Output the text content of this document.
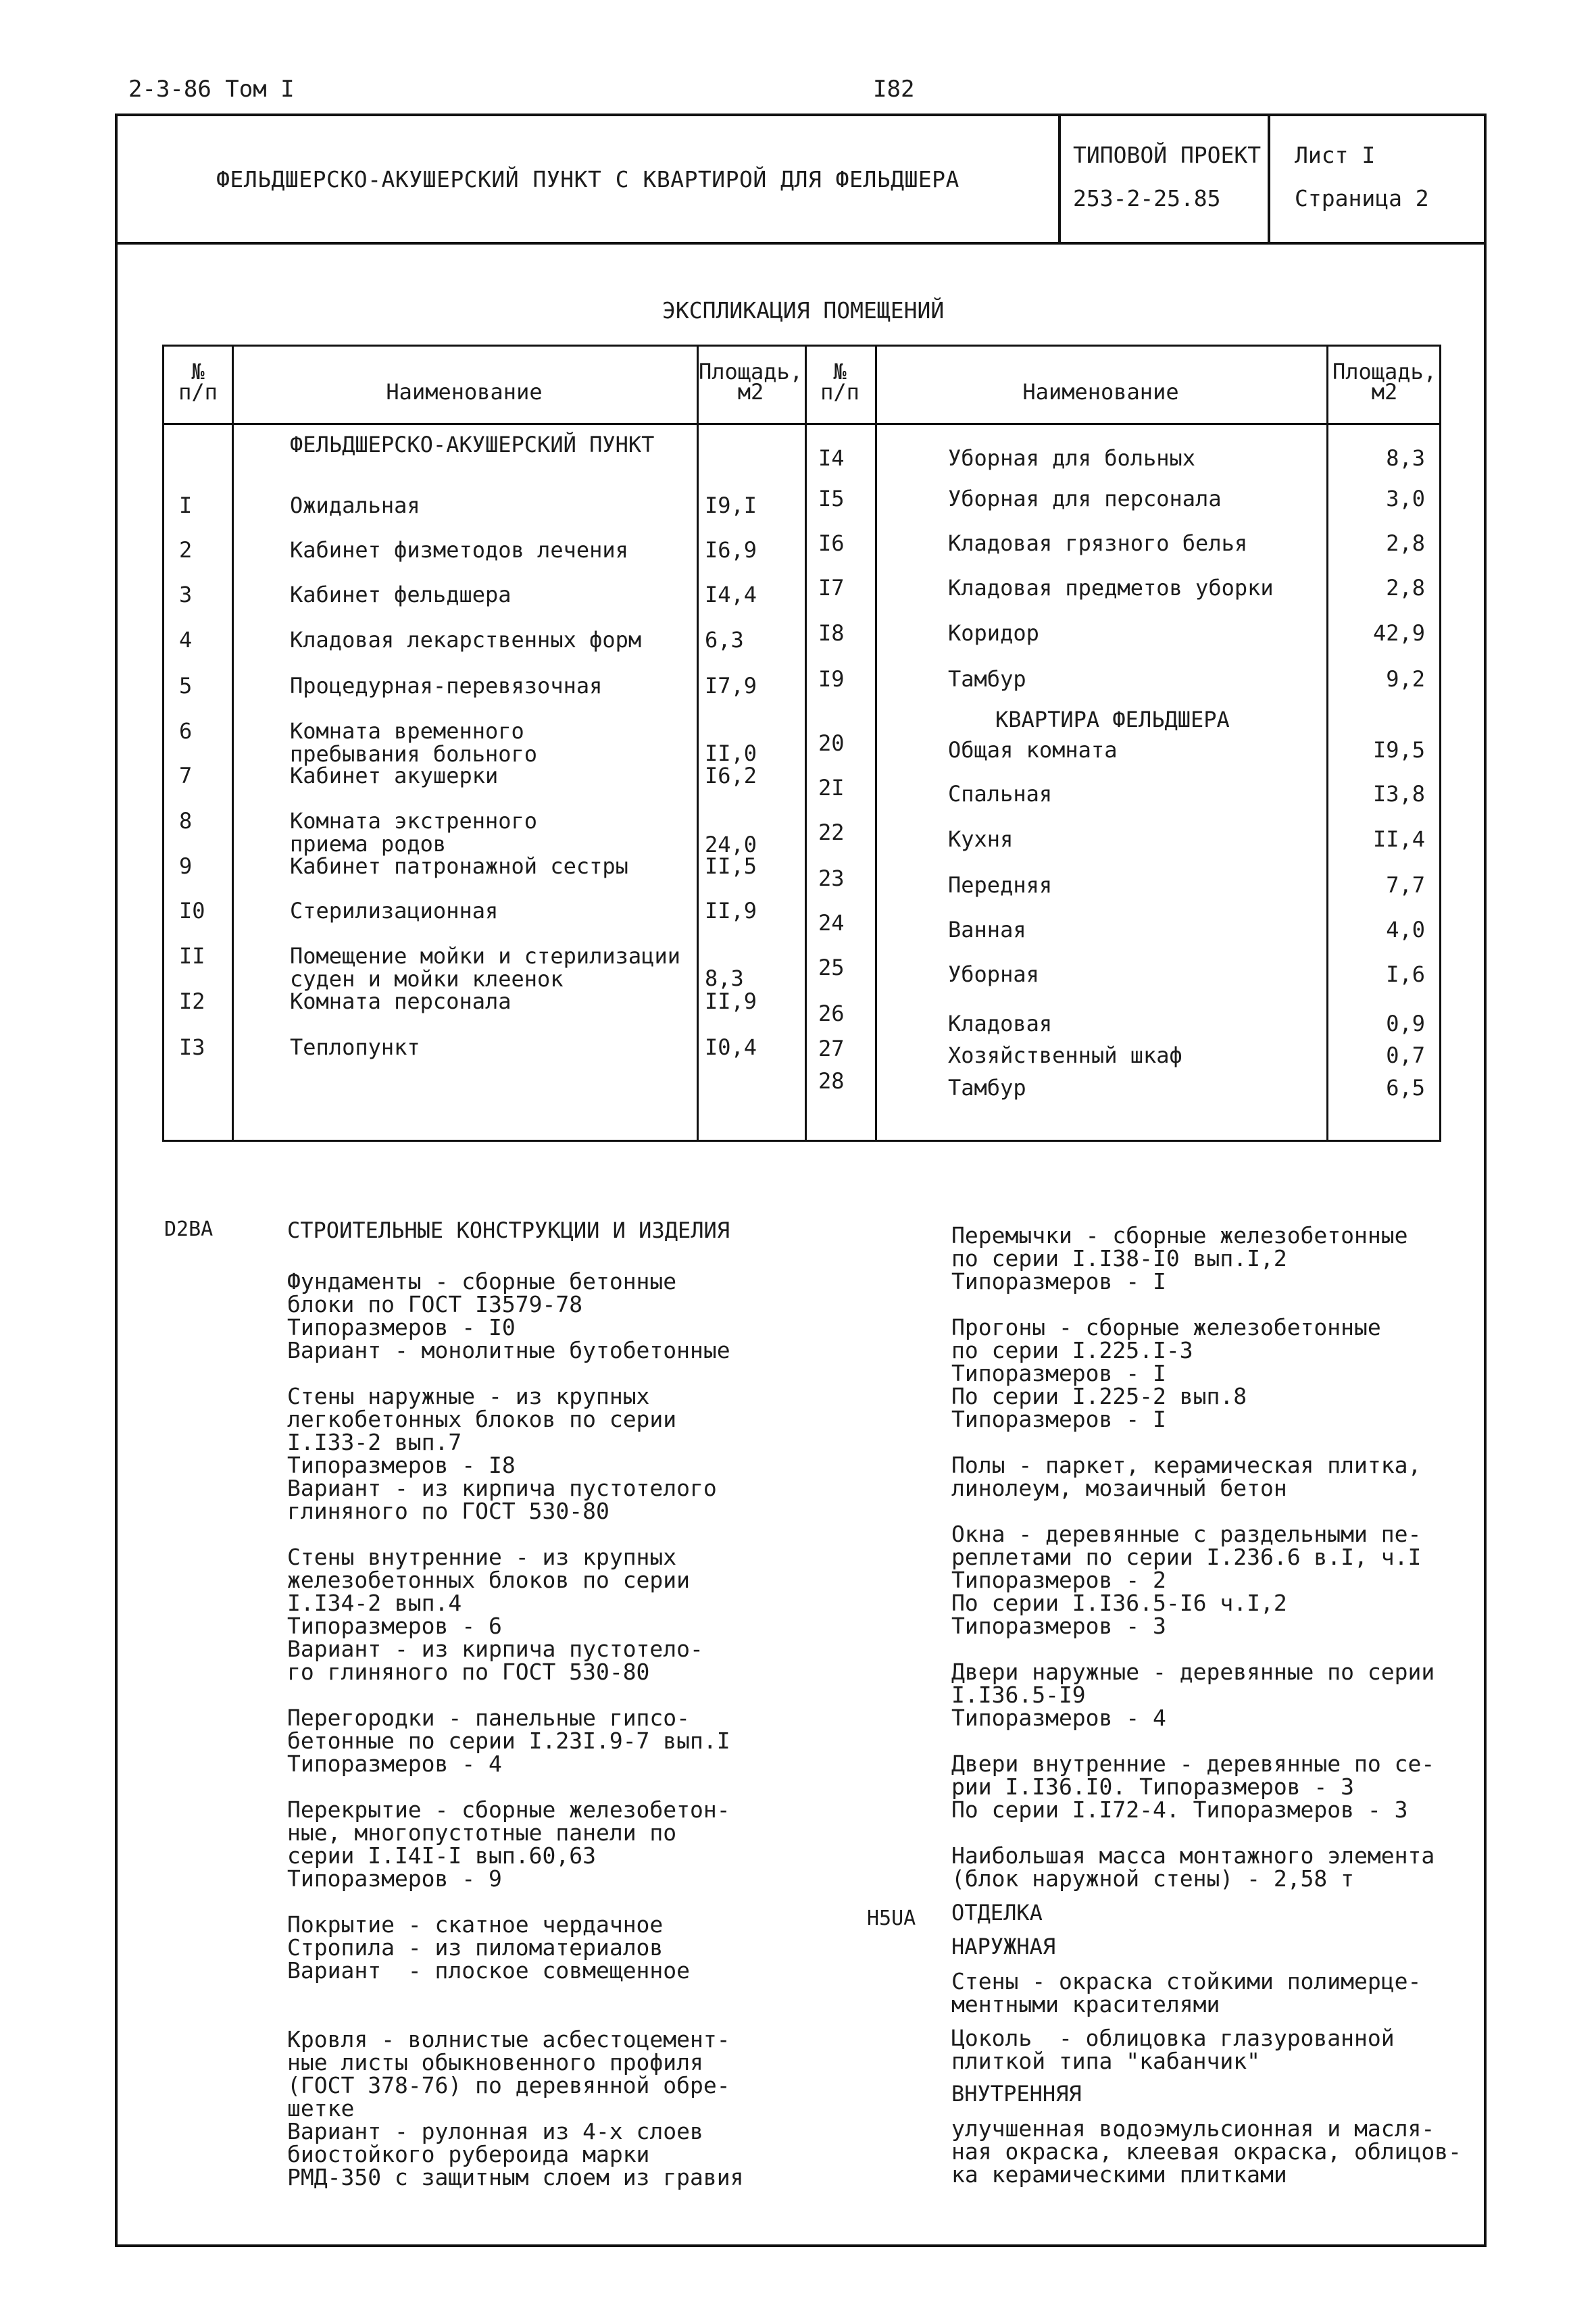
2-3-86 Том I	I82
ФЕЛЬДШЕРСКО-АКУШЕРСКИЙ ПУНКТ С КВАРТИРОЙ ДЛЯ ФЕЛЬДШЕРА
ТИПОВОЙ ПРОЕКТ
253-2-25.85
Лист I
Страница 2
ЭКСПЛИКАЦИЯ ПОМЕЩЕНИЙ
№
п/п	Наименование
Площадь,
м2
№
п/п	Наименование
Площадь,
м2
ФЕЛЬДШЕРСКО-АКУШЕРСКИЙ ПУНКТ
КВАРТИРА ФЕЛЬДШЕРА
I	Ожидальная	I9,I
2	Кабинет физметодов лечения	I6,9
3	Кабинет фельдшера	I4,4
4	Кладовая лекарственных форм	6,3
5	Процедурная-перевязочная	I7,9
6	Комната временного
пребывания больного	II,0
7	Кабинет акушерки	I6,2
8	Комната экстренного
приема родов	24,0
9	Кабинет патронажной сестры	II,5
I0	Стерилизационная	II,9
II	Помещение мойки и стерилизации
суден и мойки клеенок	8,3
I2	Комната персонала	II,9
I3	Теплопункт	I0,4
I4	Уборная для больных	8,3
I5	Уборная для персонала	3,0
I6	Кладовая грязного белья	2,8
I7	Кладовая предметов уборки	2,8
I8	Коридор	42,9
I9	Тамбур	9,2
20	Общая комната	I9,5
2I	Спальная	I3,8
22	Кухня	II,4
23	Передняя	7,7
24	Ванная	4,0
25	Уборная	I,6
26	Кладовая	0,9
27	Хозяйственный шкаф	0,7
28	Тамбур	6,5
D2BA	СТРОИТЕЛЬНЫЕ КОНСТРУКЦИИ И ИЗДЕЛИЯ
Фундаменты - сборные бетонные
блоки по ГОСТ I3579-78
Типоразмеров - I0
Вариант - монолитные бутобетонные
Стены наружные - из крупных
легкобетонных блоков по серии
I.I33-2 вып.7
Типоразмеров - I8
Вариант - из кирпича пустотелого
глиняного по ГОСТ 530-80
Стены внутренние - из крупных
железобетонных блоков по серии
I.I34-2 вып.4
Типоразмеров - 6
Вариант - из кирпича пустотело-
го глиняного по ГОСТ 530-80
Перегородки - панельные гипсо-
бетонные по серии I.23I.9-7 вып.I
Типоразмеров - 4
Перекрытие - сборные железобетон-
ные, многопустотные панели по
серии I.I4I-I вып.60,63
Типоразмеров - 9
Покрытие - скатное чердачное
Стропила - из пиломатериалов
Вариант  - плоское совмещенное
Кровля - волнистые асбестоцемент-
ные листы обыкновенного профиля
(ГОСТ 378-76) по деревянной обре-
шетке
Вариант - рулонная из 4-х слоев
биостойкого рубероида марки
РМД-350 с защитным слоем из гравия
Перемычки - сборные железобетонные
по серии I.I38-I0 вып.I,2
Типоразмеров - I
Прогоны - сборные железобетонные
по серии I.225.I-3
Типоразмеров - I
По серии I.225-2 вып.8
Типоразмеров - I
Полы - паркет, керамическая плитка,
линолеум, мозаичный бетон
Окна - деревянные с раздельными пе-
реплетами по серии I.236.6 в.I, ч.I
Типоразмеров - 2
По серии I.I36.5-I6 ч.I,2
Типоразмеров - 3
Двери наружные - деревянные по серии
I.I36.5-I9
Типоразмеров - 4
Двери внутренние - деревянные по се-
рии I.I36.I0. Типоразмеров - 3
По серии I.I72-4. Типоразмеров - 3
Наибольшая масса монтажного элемента
(блок наружной стены) - 2,58 т
H5UA ОТДЕЛКА
НАРУЖНАЯ
Стены - окраска стойкими полимерце-
ментными красителями
Цоколь  - облицовка глазурованной
плиткой типа "кабанчик"
ВНУТРЕННЯЯ
улучшенная водоэмульсионная и масля-
ная окраска, клеевая окраска, облицов-
ка керамическими плитками
